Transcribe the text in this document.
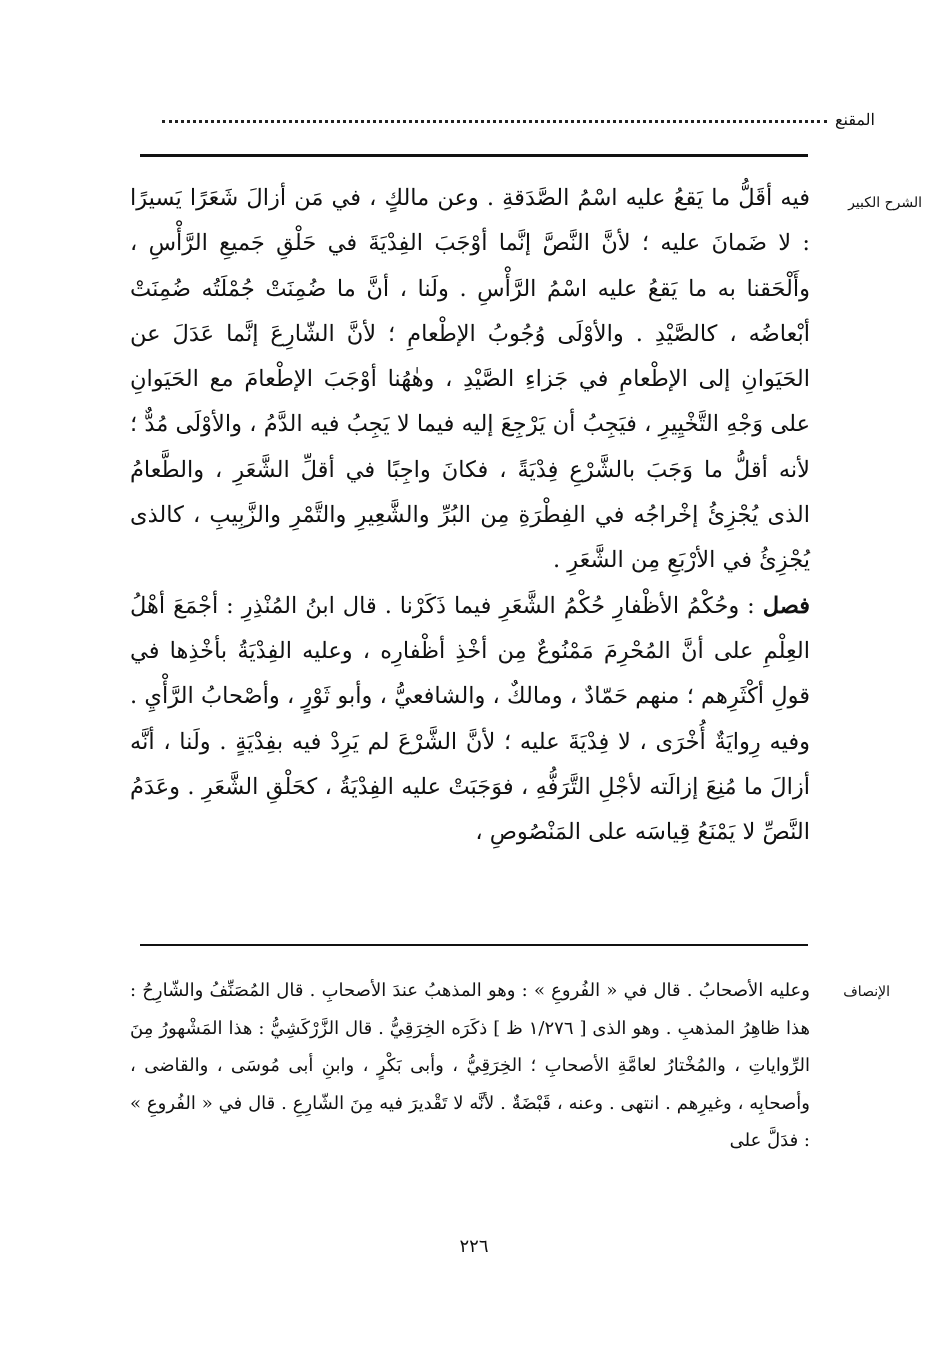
المقنع
الشرح الكبير

فيه أقَلُّ ما يَقعُ عليه اسْمُ الصَّدَقةِ . وعن مالكٍ ، في مَن أزالَ شَعَرًا يَسيرًا : لا ضَمانَ عليه ؛ لأنَّ النَّصَّ إنَّما أوْجَبَ الفِدْيَةَ في حَلْقِ جَميعِ الرَّأْسِ ، وأَلْحَقنا به ما يَقعُ عليه اسْمُ الرَّأْسِ . ولَنا ، أنَّ ما ضُمِنَتْ جُمْلَتُه ضُمِنَتْ أبْعاضُه ، كالصَّيْدِ . والأوْلَى وُجُوبُ الإطْعامِ ؛ لأنَّ الشّارِعَ إنَّما عَدَلَ عن الحَيَوانِ إلى الإطْعامِ في جَزاءِ الصَّيْدِ ، وهٰهُنا أوْجَبَ الإطْعامَ مع الحَيَوانِ على وَجْهِ التَّخْيِيرِ ، فيَجِبُ أن يَرْجِعَ إليه فيما لا يَجِبُ فيه الدَّمُ ، والأوْلَى مُدٌّ ؛ لأنه أقلُّ ما وَجَبَ بالشَّرْعِ فِدْيَةً ، فكانَ واجِبًا في أقلِّ الشَّعَرِ ، والطَّعامُ الذى يُجْزِئُ إخْراجُه في الفِطْرَةِ مِن البُرِّ والشَّعِيرِ والتَّمْرِ والزَّبِيبِ ، كالذى يُجْزِئُ في الأرْبَعِ مِن الشَّعَرِ .

فصل : وحُكْمُ الأظْفارِ حُكْمُ الشَّعَرِ فيما ذَكَرْنا . قال ابنُ المُنْذِرِ : أجْمَعَ أهْلُ العِلْمِ على أنَّ المُحْرِمَ مَمْنُوعٌ مِن أخْذِ أظْفارِه ، وعليه الفِدْيَةُ بأخْذِها في قولِ أكْثَرِهم ؛ منهم حَمّادٌ ، ومالكٌ ، والشافعيُّ ، وأبو ثَوْرٍ ، وأصْحابُ الرَّأْيِ . وفيه رِوايَةٌ أُخْرَى ، لا فِدْيَةَ عليه ؛ لأنَّ الشَّرْعَ لم يَرِدْ فيه بفِدْيَةٍ . ولَنا ، أنَّه أزالَ ما مُنِعَ إزالَته لأجْلِ التَّرَفُّهِ ، فوَجَبَتْ عليه الفِدْيَةُ ، كحَلْقِ الشَّعَرِ . وعَدَمُ النَّصِّ لا يَمْنَعُ قِياسَه على المَنْصُوصِ ،

الإنصاف

وعليه الأصحابُ . قال في « الفُروعِ » : وهو المذهبُ عندَ الأصحابِ . قال المُصَنِّفُ والشّارِحُ : هذا ظاهِرُ المذهبِ . وهو الذى [ ١/٢٧٦ ظ ] ذكَرَه الخِرَقِيُّ . قال الزَّرْكَشِيُّ : هذا المَشْهورُ مِنَ الرِّواياتِ ، والمُخْتارُ لعامَّةِ الأصحابِ ؛ الخِرَقِيُّ ، وأبى بَكْرٍ ، وابنِ أبى مُوسَى ، والقاضى ، وأصحابِه ، وغيرِهم . انتهى . وعنه ، قَبْضَةٌ . لأنَّه لا تَقْديرَ فيه مِنَ الشّارِعِ . قال في « الفُروعِ » : فدَلَّ على

٢٢٦
